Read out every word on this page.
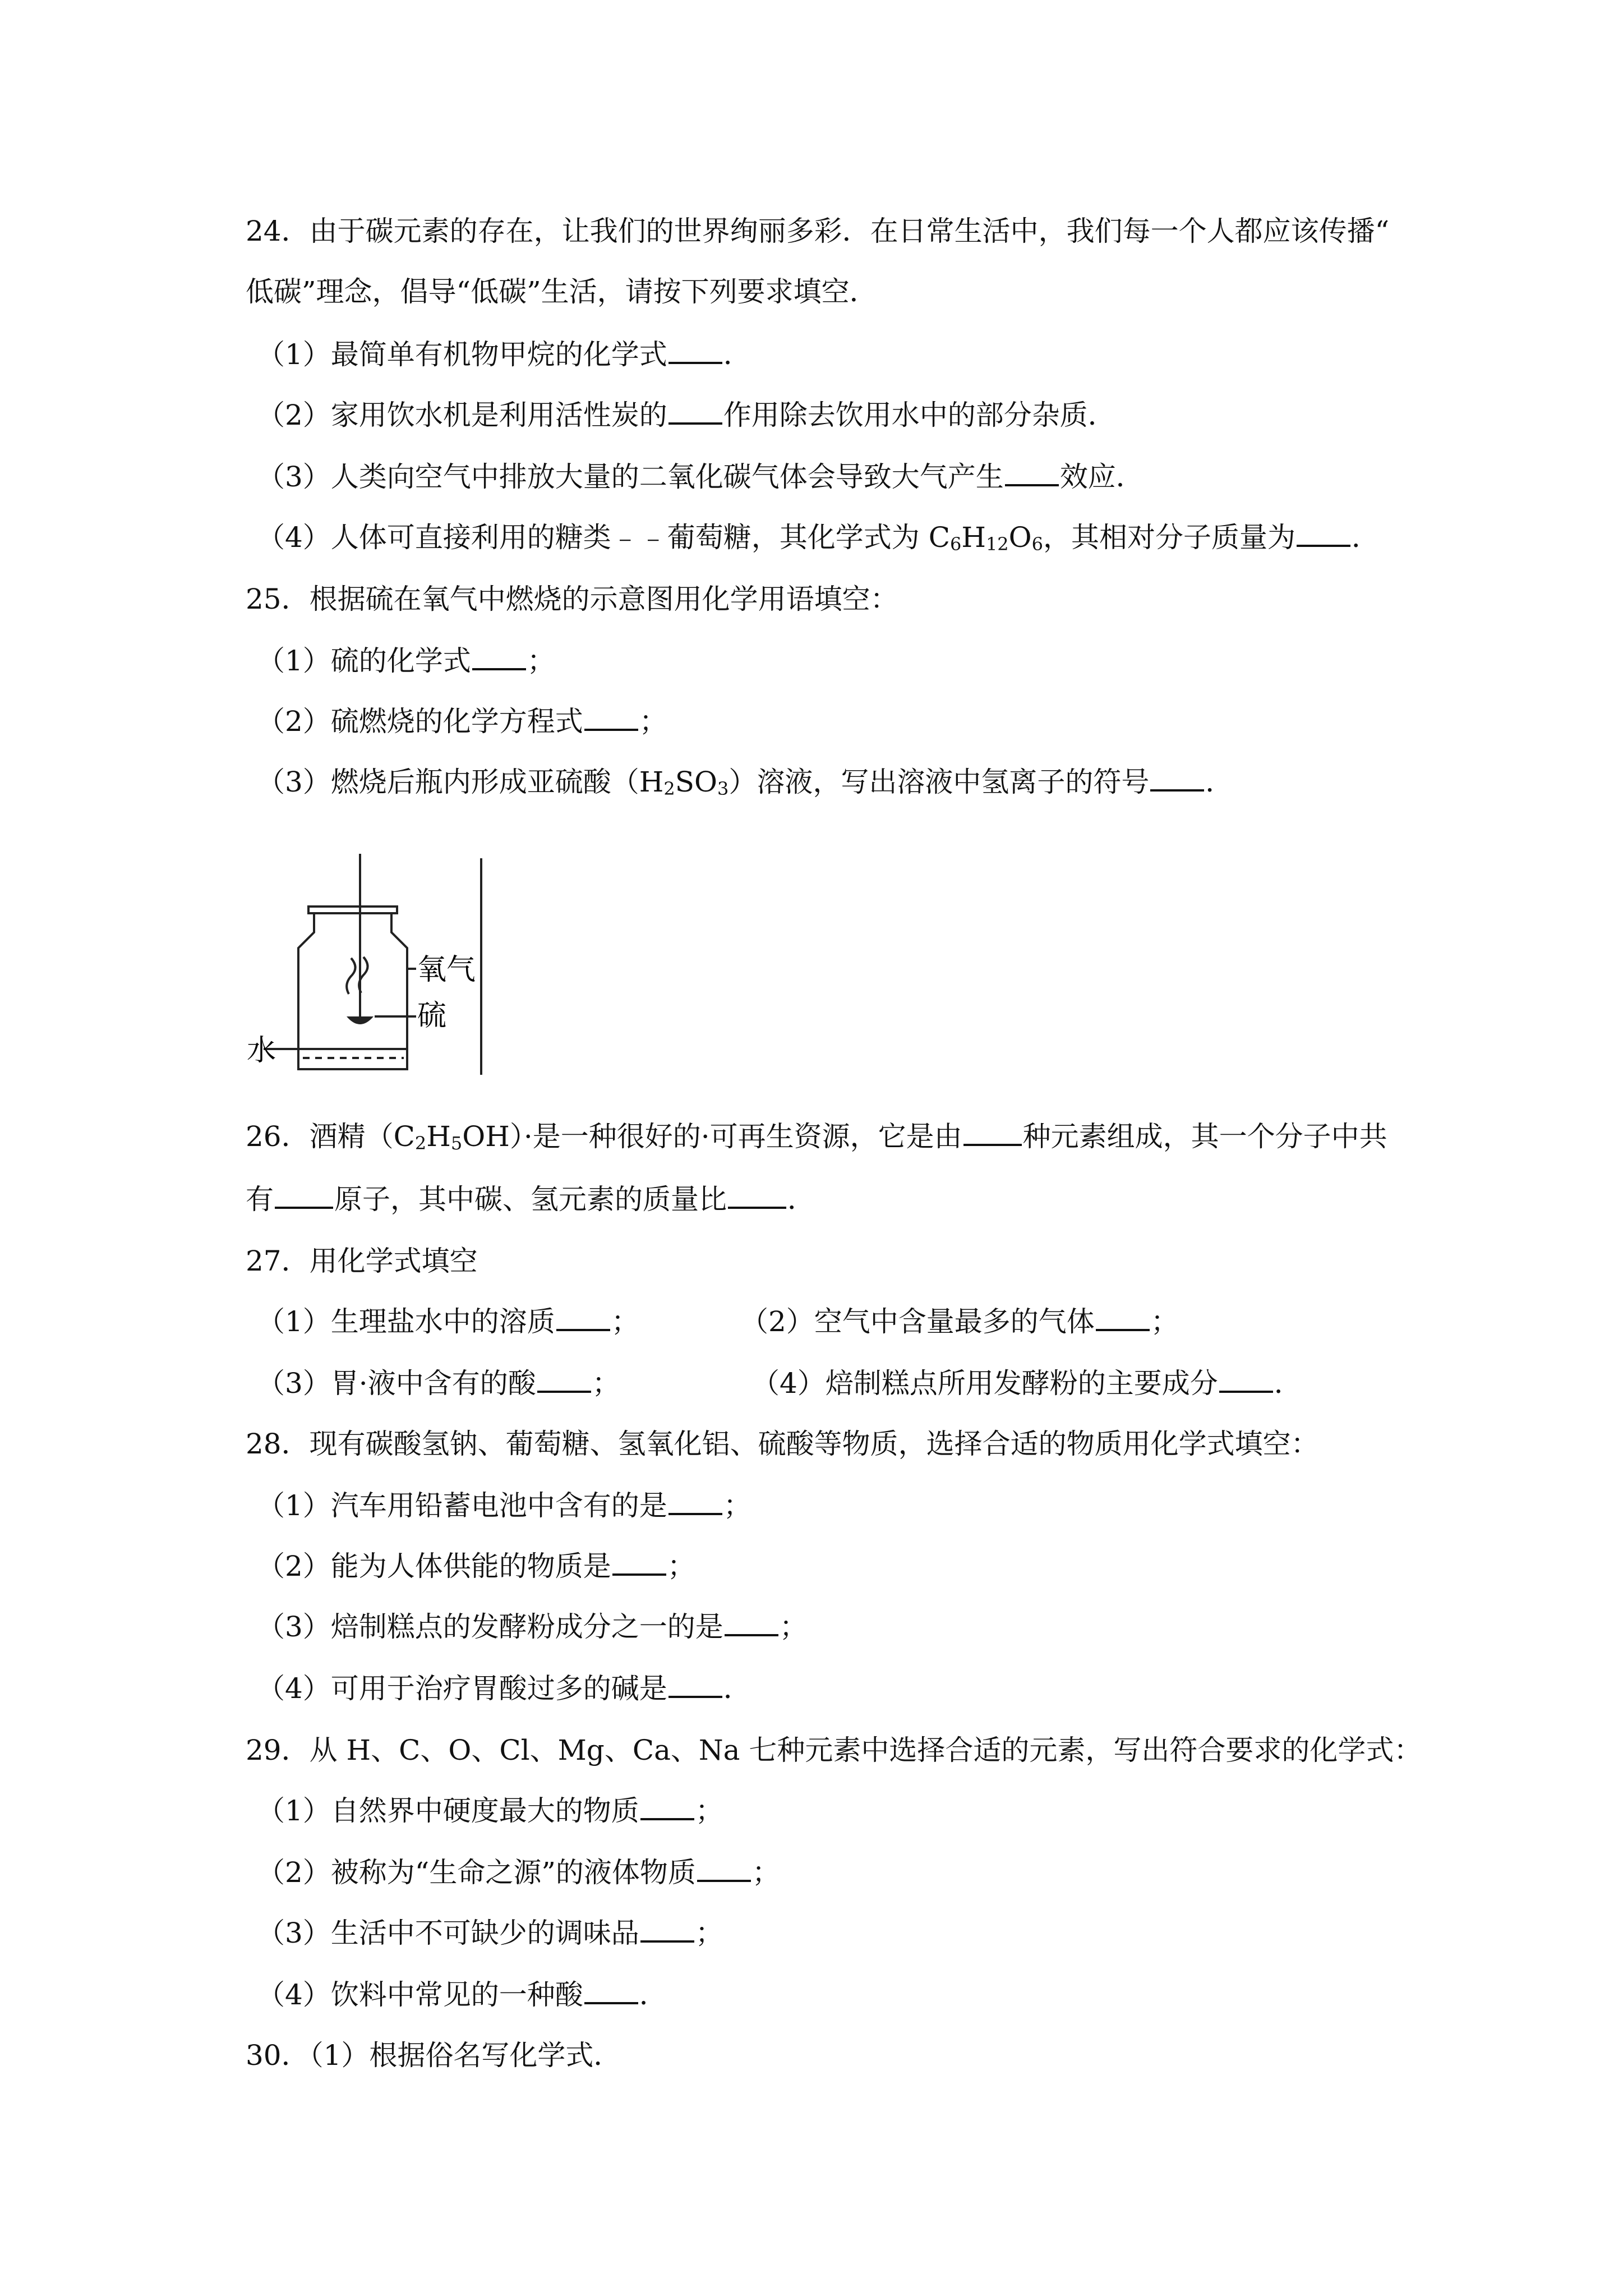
24．由于碳元素的存在，让我们的世界绚丽多彩．在日常生活中，我们每一个人都应该传播“
低碳”理念，倡导“低碳”生活，请按下列要求填空．
（1）最简单有机物甲烷的化学式 ．
（2）家用饮水机是利用活性炭的 作用除去饮用水中的部分杂质．
（3）人类向空气中排放大量的二氧化碳气体会导致大气产生 效应．
（4）人体可直接利用的糖类﹣﹣葡萄糖，其化学式为 $C_6H_{12}O_6$，其相对分子质量为 ．
25．根据硫在氧气中燃烧的示意图用化学用语填空：
（1）硫的化学式 ；
（2）硫燃烧的化学方程式 ；
（3）燃烧后瓶内形成亚硫酸$(H_2SO_3)$溶液，写出溶液中氢离子的符号 ．
氧气
硫
水
26．酒精$(C_2H_5OH)\cdot$是一种很好的·可再生资源，它是由 种元素组成，其一个分子中共
有 原子，其中碳、氢元素的质量比 ．
27．用化学式填空
（1）生理盐水中的溶质 ；	（2）空气中含量最多的气体 ；
（3）胃·液中含有的酸 ；	（4）焙制糕点所用发酵粉的主要成分 ．
28．现有碳酸氢钠、葡萄糖、氢氧化铝、硫酸等物质，选择合适的物质用化学式填空：
（1）汽车用铅蓄电池中含有的是 ；
（2）能为人体供能的物质是 ；
（3）焙制糕点的发酵粉成分之一的是 ；
（4）可用于治疗胃酸过多的碱是 ．
29．从 H、C、O、Cl、Mg、Ca、Na 七种元素中选择合适的元素，写出符合要求的化学式：
（1）自然界中硬度最大的物质 ；
（2）被称为“生命之源”的液体物质 ；
（3）生活中不可缺少的调味品 ；
（4）饮料中常见的一种酸 ．
30．（1）根据俗名写化学式．
